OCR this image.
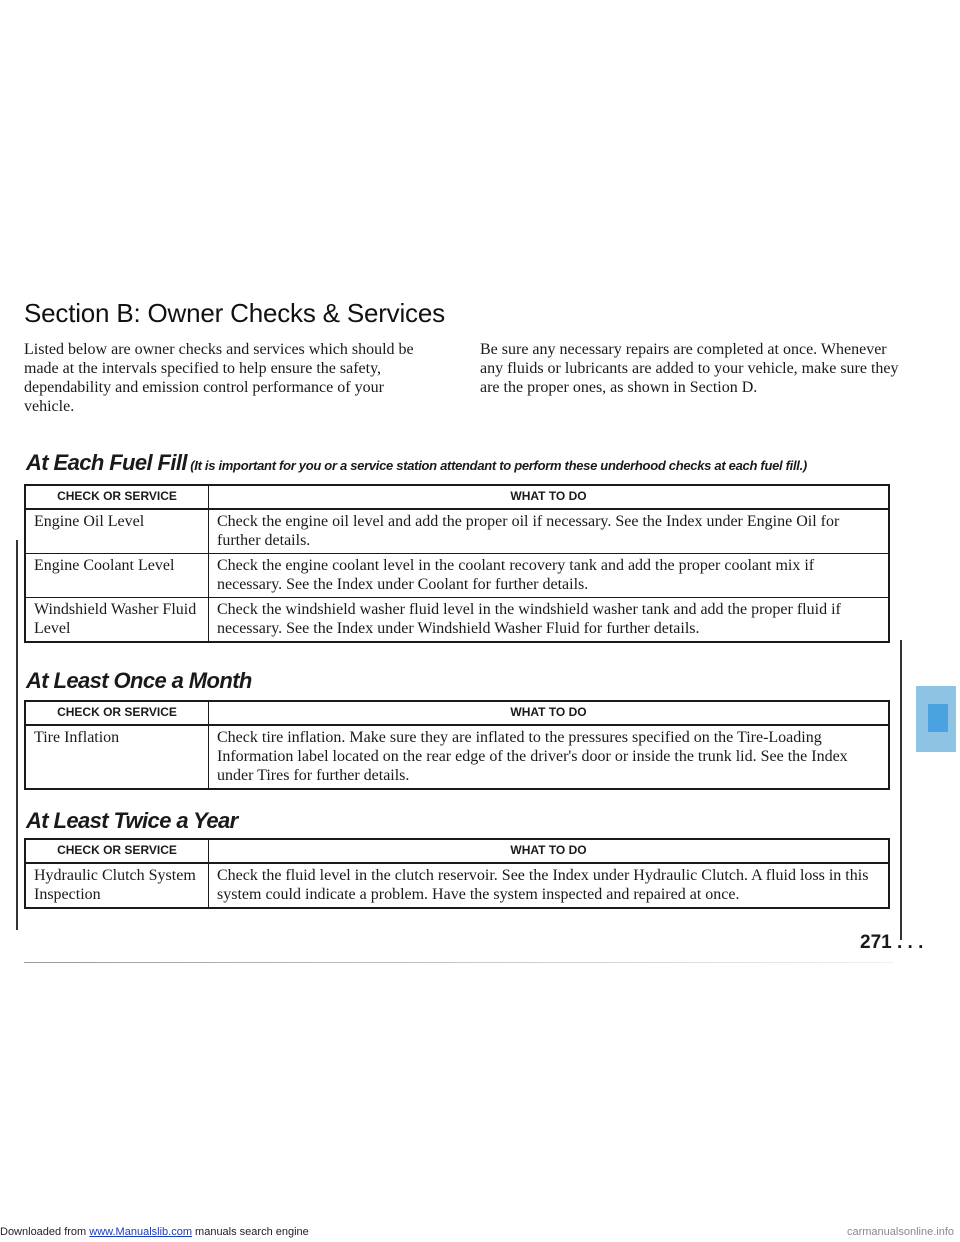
Section B: Owner Checks & Services

Listed below are owner checks and services which should be made at the intervals specified to help ensure the safety, dependability and emission control performance of your vehicle.

Be sure any necessary repairs are completed at once. Whenever any fluids or lubricants are added to your vehicle, make sure they are the proper ones, as shown in Section D.

At Each Fuel Fill (It is important for you or a service station attendant to perform these underhood checks at each fuel fill.)
CHECK OR SERVICE	WHAT TO DO
Engine Oil Level	Check the engine oil level and add the proper oil if necessary. See the Index under Engine Oil for further details.
Engine Coolant Level	Check the engine coolant level in the coolant recovery tank and add the proper coolant mix if necessary. See the Index under Coolant for further details.
Windshield Washer Fluid Level	Check the windshield washer fluid level in the windshield washer tank and add the proper fluid if necessary. See the Index under Windshield Washer Fluid for further details.
At Least Once a Month
CHECK OR SERVICE	WHAT TO DO
Tire Inflation	Check tire inflation. Make sure they are inflated to the pressures specified on the Tire-Loading Information label located on the rear edge of the driver's door or inside the trunk lid. See the Index under Tires for further details.
At Least Twice a Year
CHECK OR SERVICE	WHAT TO DO
Hydraulic Clutch System Inspection	Check the fluid level in the clutch reservoir. See the Index under Hydraulic Clutch. A fluid loss in this system could indicate a problem. Have the system inspected and repaired at once.
271 . . .
Downloaded from www.Manualslib.com manuals search engine	carmanualsonline.info
